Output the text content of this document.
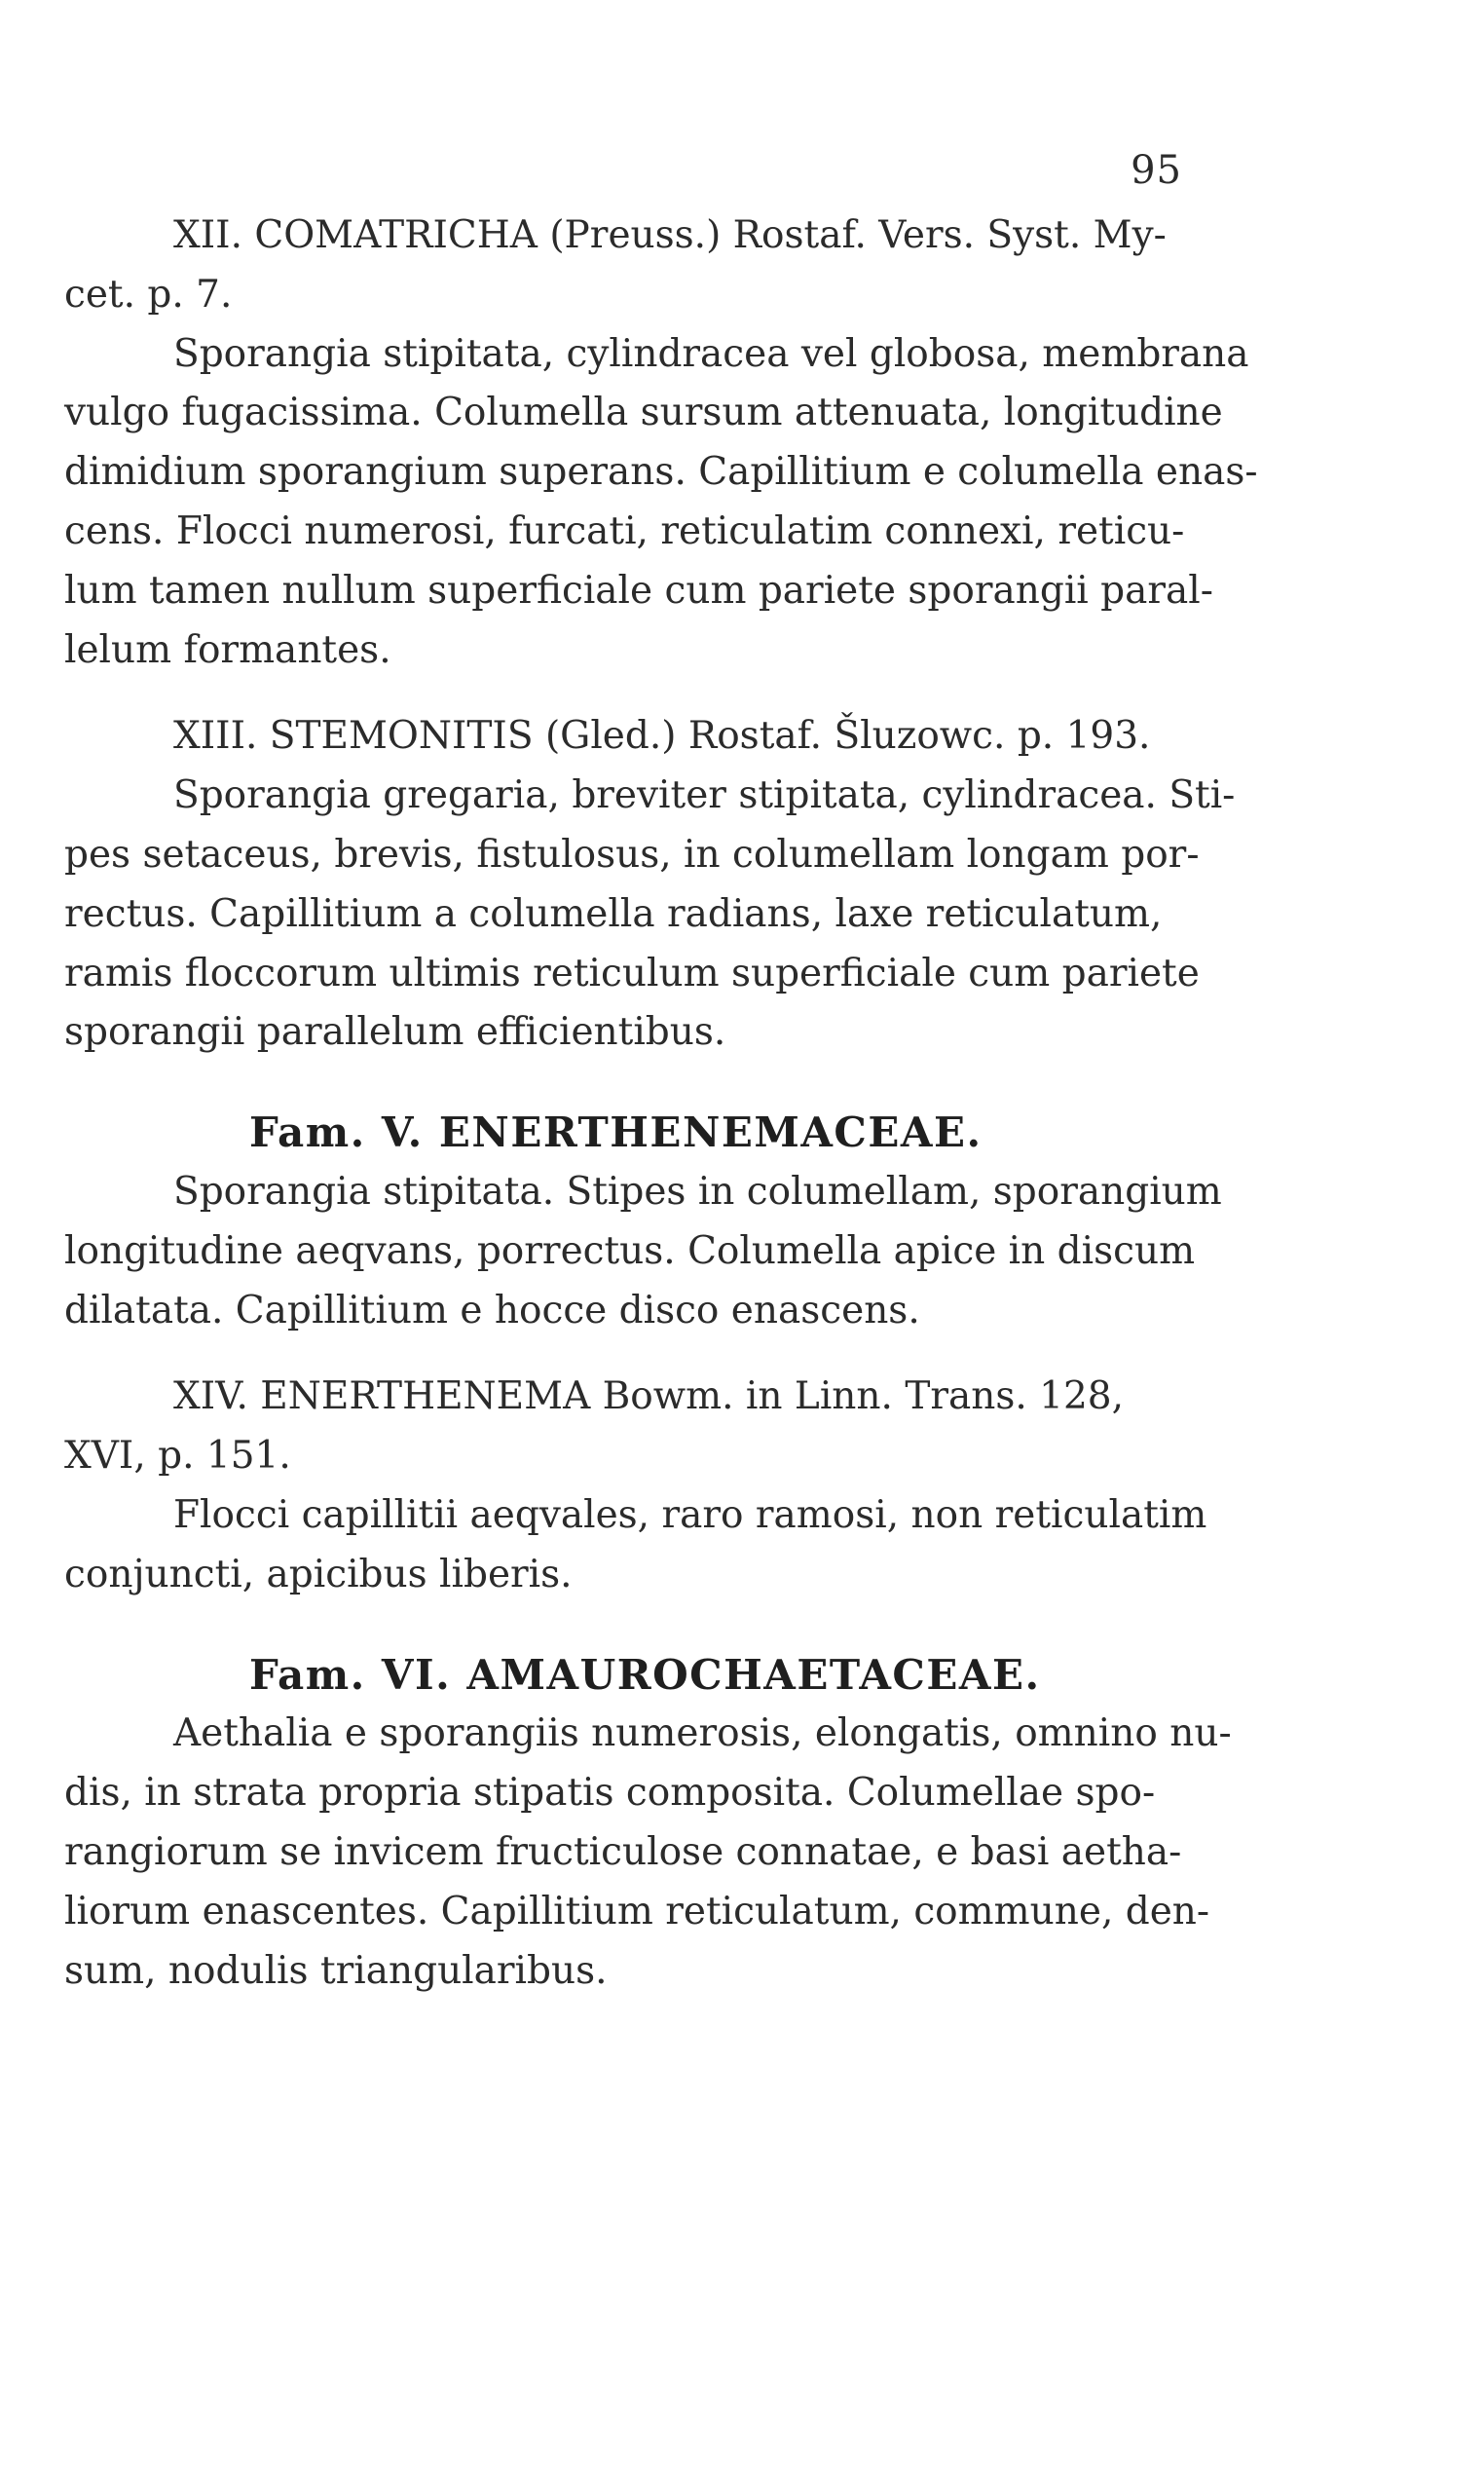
95
XII. COMATRICHA (Preuss.) Rostaf. Vers. Syst. My-
cet. p. 7.
Sporangia stipitata, cylindracea vel globosa, membrana
vulgo fugacissima. Columella sursum attenuata, longitudine
dimidium sporangium superans. Capillitium e columella enas-
cens. Flocci numerosi, furcati, reticulatim connexi, reticu-
lum tamen nullum superficiale cum pariete sporangii paral-
lelum formantes.
XIII. STEMONITIS (Gled.) Rostaf. Šluzowc. p. 193.
Sporangia gregaria, breviter stipitata, cylindracea. Sti-
pes setaceus, brevis, fistulosus, in columellam longam por-
rectus. Capillitium a columella radians, laxe reticulatum,
ramis floccorum ultimis reticulum superficiale cum pariete
sporangii parallelum efficientibus.
Fam. V. ENERTHENEMACEAE.
Sporangia stipitata. Stipes in columellam, sporangium
longitudine aeqvans, porrectus. Columella apice in discum
dilatata. Capillitium e hocce disco enascens.
XIV. ENERTHENEMA Bowm. in Linn. Trans. 128,
XVI, p. 151.
Flocci capillitii aeqvales, raro ramosi, non reticulatim
conjuncti, apicibus liberis.
Fam. VI. AMAUROCHAETACEAE.
Aethalia e sporangiis numerosis, elongatis, omnino nu-
dis, in strata propria stipatis composita. Columellae spo-
rangiorum se invicem fructiculose connatae, e basi aetha-
liorum enascentes. Capillitium reticulatum, commune, den-
sum, nodulis triangularibus.
